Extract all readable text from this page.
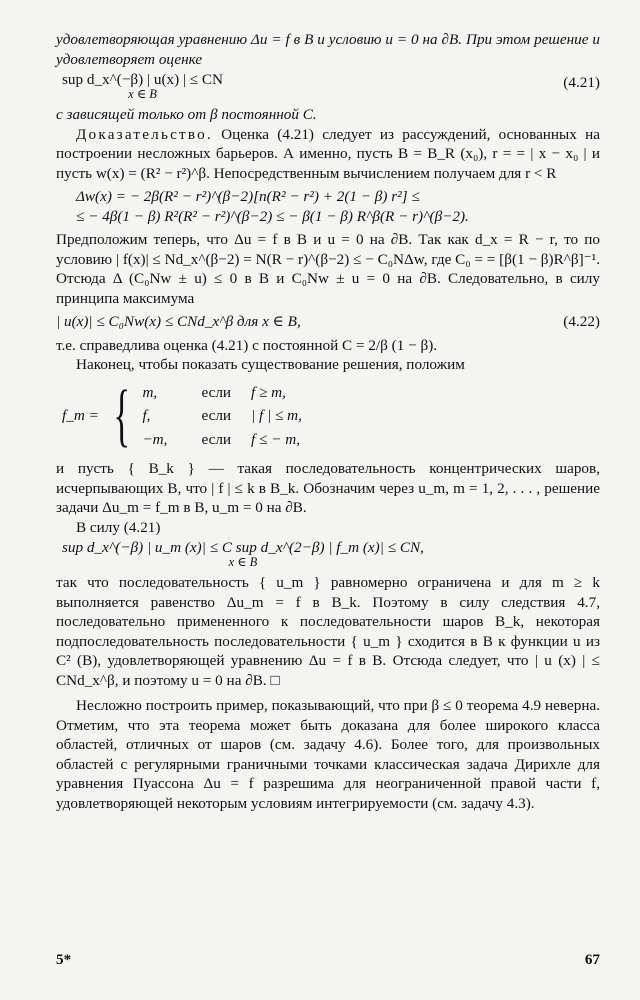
удовлетворяющая уравнению Δu = f в B и условию u = 0 на ∂B. При этом решение и удовлетворяет оценке

sup d_x^(−β) | u(x) | ≤ CN
x ∈ B
(4.21)

с зависящей только от β постоянной C.

Доказательство. Оценка (4.21) следует из рассуждений, основанных на построении несложных барьеров. А именно, пусть B = B_R (x₀), r = = | x − x₀ | и пусть w(x) = (R² − r²)^β. Непосредственным вычислением получаем для r < R

Δw(x) = − 2β(R² − r²)^(β−2)[n(R² − r²) + 2(1 − β) r²] ≤
≤ − 4β(1 − β) R²(R² − r²)^(β−2) ≤ − β(1 − β) R^β(R − r)^(β−2).

Предположим теперь, что Δu = f в B и u = 0 на ∂B. Так как d_x = R − r, то по условию | f(x)| ≤ Nd_x^(β−2) = N(R − r)^(β−2) ≤ − C₀NΔw, где C₀ = = [β(1 − β)R^β]⁻¹. Отсюда Δ (C₀Nw ± u) ≤ 0 в B и C₀Nw ± u = 0 на ∂B. Следовательно, в силу принципа максимума

| u(x)| ≤ C₀Nw(x) ≤ CNd_x^β для x ∈ B,	(4.22)

т.е. справедлива оценка (4.21) с постоянной C = 2/β (1 − β).

Наконец, чтобы показать существование решения, положим

f_m = { m,	если	f ≥ m,
f,	если	| f | ≤ m,
−m,	если	f ≤ − m,

и пусть { B_k } — такая последовательность концентрических шаров, исчерпывающих B, что | f | ≤ k в B_k. Обозначим через u_m, m = 1, 2, . . . , решение задачи Δu_m = f_m в B, u_m = 0 на ∂B.

В силу (4.21)

sup d_x^(−β) | u_m (x)| ≤ C sup d_x^(2−β) | f_m (x)| ≤ CN,
x ∈ B

так что последовательность { u_m } равномерно ограничена и для m ≥ k выполняется равенство Δu_m = f в B_k. Поэтому в силу следствия 4.7, последовательно примененного к последовательности шаров B_k, некоторая подпоследовательность последовательности { u_m } сходится в B к функции u из C² (B), удовлетворяющей уравнению Δu = f в B. Отсюда следует, что | u (x) | ≤ CNd_x^β, и поэтому u = 0 на ∂B. □

Несложно построить пример, показывающий, что при β ≤ 0 теорема 4.9 неверна. Отметим, что эта теорема может быть доказана для более широкого класса областей, отличных от шаров (см. задачу 4.6). Более того, для произвольных областей с регулярными граничными точками классическая задача Дирихле для уравнения Пуассона Δu = f разрешима для неограниченной правой части f, удовлетворяющей некоторым условиям интегрируемости (см. задачу 4.3).

5*	67
